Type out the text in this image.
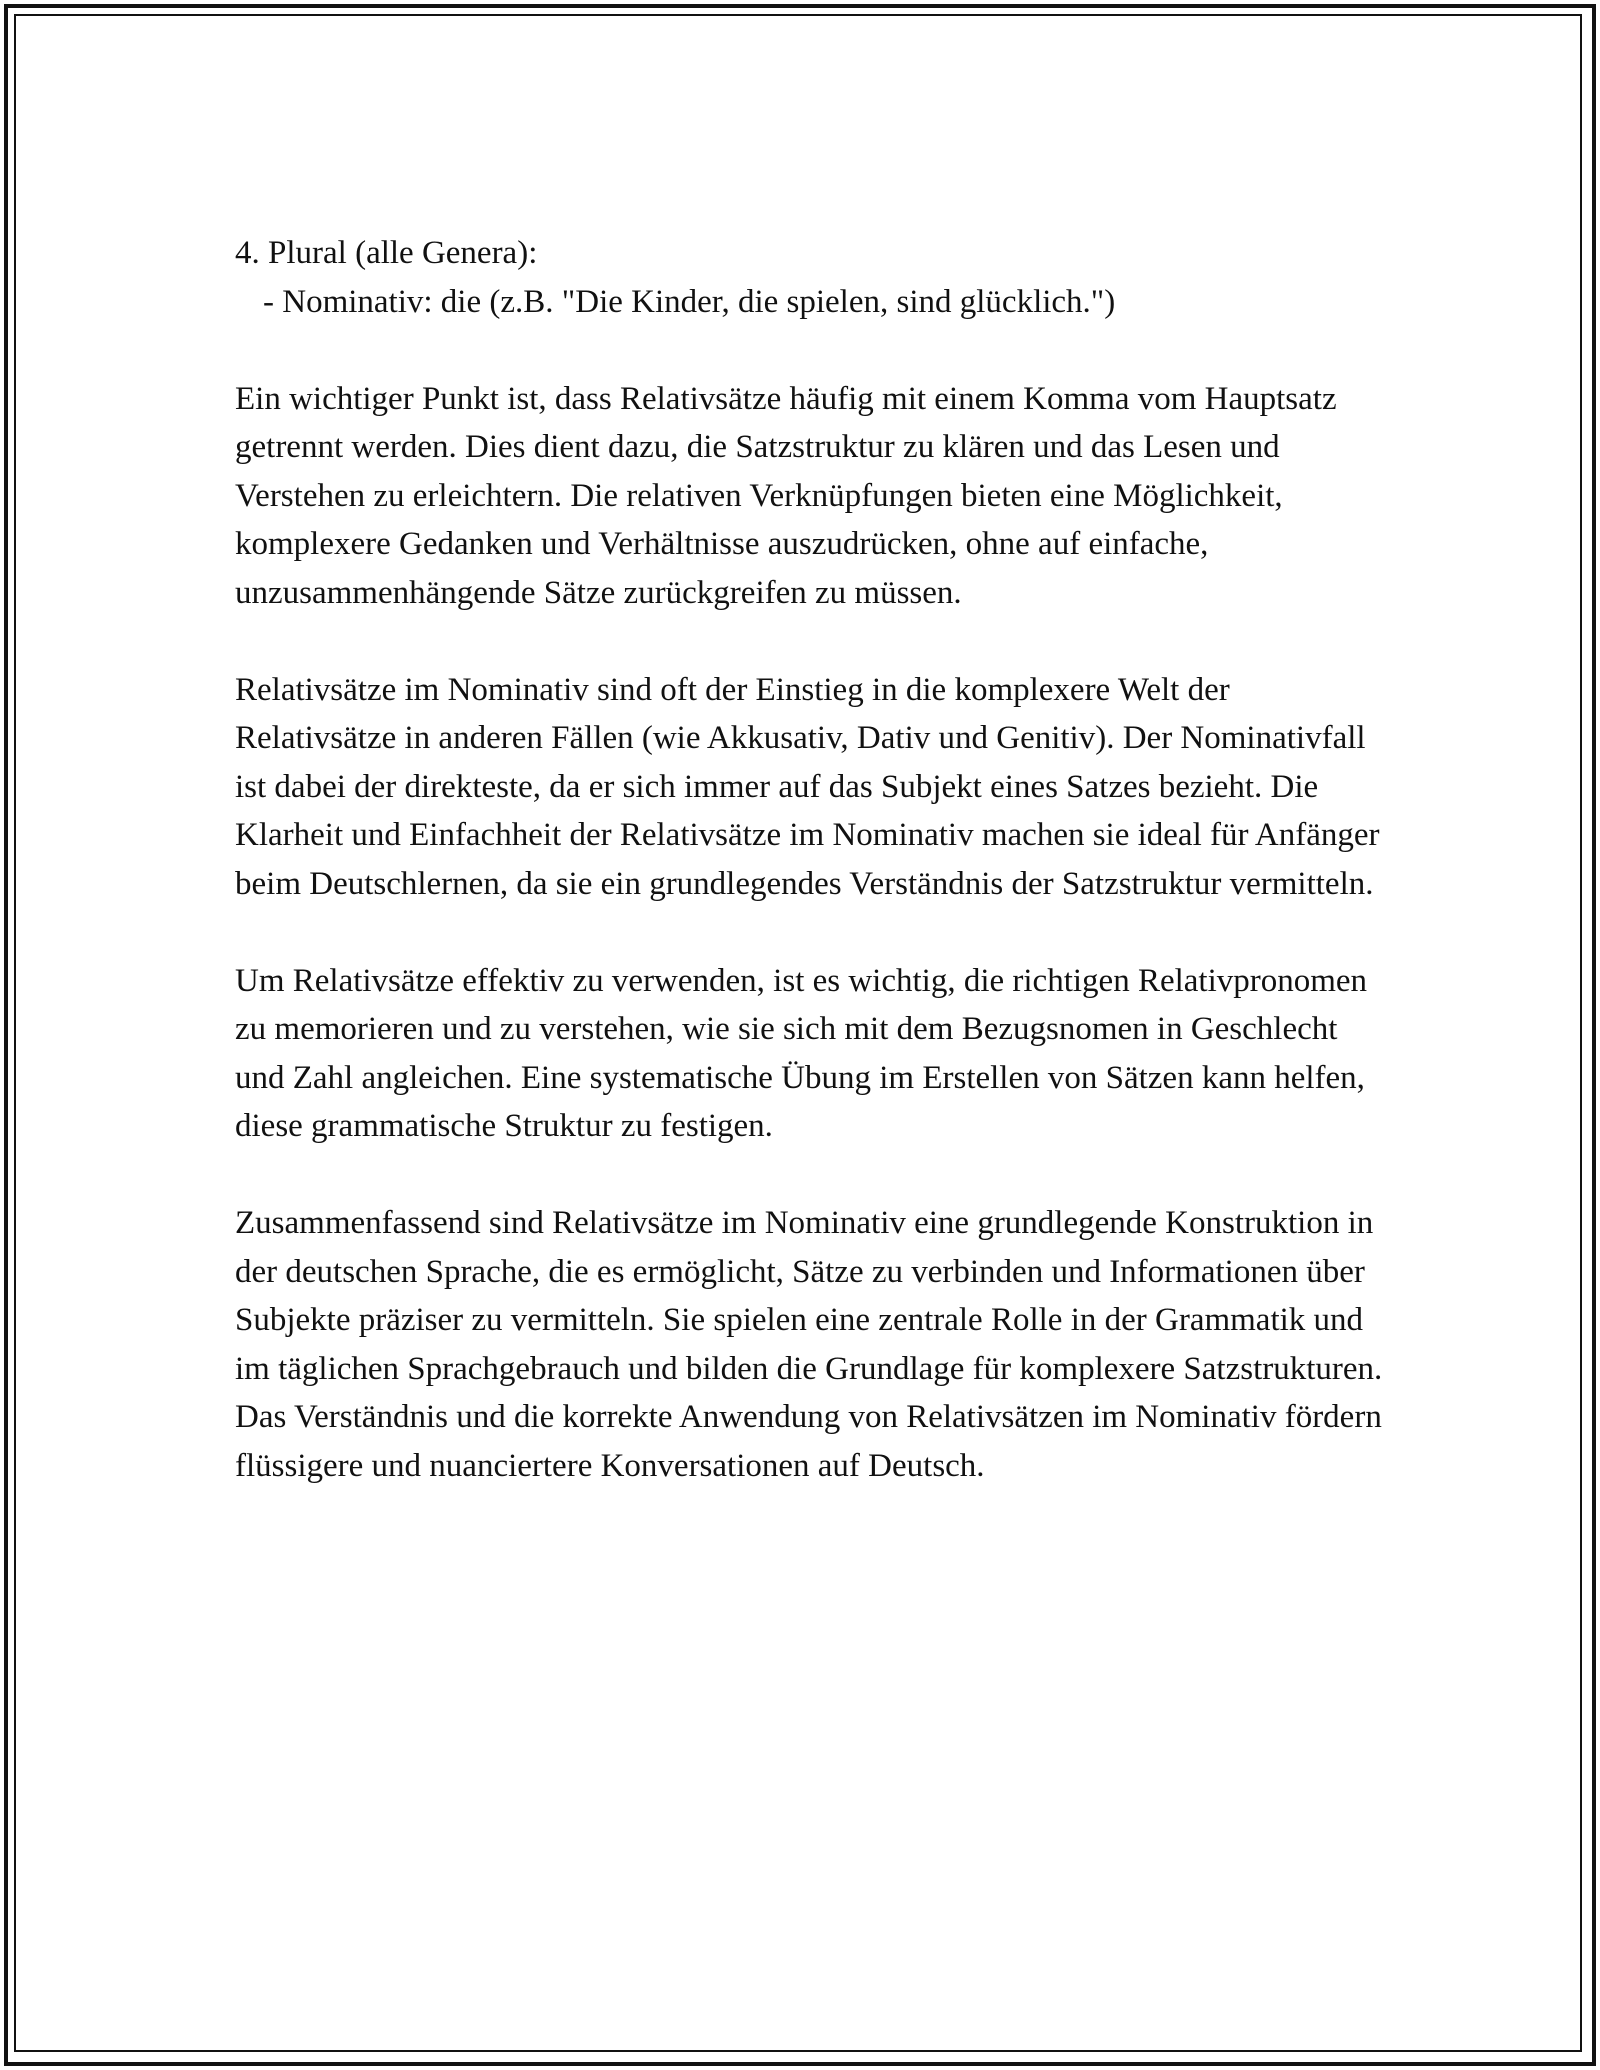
4. Plural (alle Genera):

- Nominativ: die (z.B. "Die Kinder, die spielen, sind glücklich.")

Ein wichtiger Punkt ist, dass Relativsätze häufig mit einem Komma vom Hauptsatz getrennt werden. Dies dient dazu, die Satzstruktur zu klären und das Lesen und Verstehen zu erleichtern. Die relativen Verknüpfungen bieten eine Möglichkeit, komplexere Gedanken und Verhältnisse auszudrücken, ohne auf einfache, unzusammenhängende Sätze zurückgreifen zu müssen.

Relativsätze im Nominativ sind oft der Einstieg in die komplexere Welt der Relativsätze in anderen Fällen (wie Akkusativ, Dativ und Genitiv). Der Nominativfall ist dabei der direkteste, da er sich immer auf das Subjekt eines Satzes bezieht. Die Klarheit und Einfachheit der Relativsätze im Nominativ machen sie ideal für Anfänger beim Deutschlernen, da sie ein grundlegendes Verständnis der Satzstruktur vermitteln.

Um Relativsätze effektiv zu verwenden, ist es wichtig, die richtigen Relativpronomen zu memorieren und zu verstehen, wie sie sich mit dem Bezugsnomen in Geschlecht und Zahl angleichen. Eine systematische Übung im Erstellen von Sätzen kann helfen, diese grammatische Struktur zu festigen.

Zusammenfassend sind Relativsätze im Nominativ eine grundlegende Konstruktion in der deutschen Sprache, die es ermöglicht, Sätze zu verbinden und Informationen über Subjekte präziser zu vermitteln. Sie spielen eine zentrale Rolle in der Grammatik und im täglichen Sprachgebrauch und bilden die Grundlage für komplexere Satzstrukturen. Das Verständnis und die korrekte Anwendung von Relativsätzen im Nominativ fördern flüssigere und nuanciertere Konversationen auf Deutsch.
